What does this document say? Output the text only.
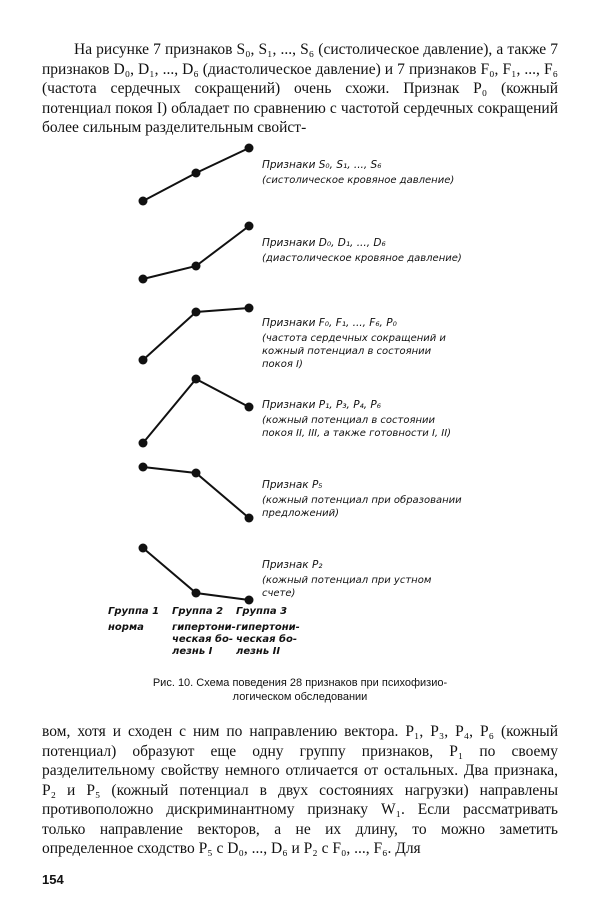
На рисунке 7 признаков S₀, S₁, ..., S₆ (систолическое давление), а также 7 признаков D₀, D₁, ..., D₆ (диастолическое давление) и 7 признаков F₀, F₁, ..., F₆ (частота сердечных сокращений) очень схожи. Признак P₀ (кожный потенциал покоя I) обладает по сравнению с частотой сердечных сокращений более сильным разделительным свойст-

Признаки S₀, S₁, ..., S₆
(систолическое кровяное давление)
Признаки D₀, D₁, ..., D₆
(диастолическое кровяное давление)
Признаки F₀, F₁, ..., F₆, P₀
(частота сердечных сокращений и
кожный потенциал в состоянии
покоя I)
Признаки P₁, P₃, P₄, P₆
(кожный потенциал в состоянии
покоя II, III, а также готовности I, II)
Признак P₅
(кожный потенциал при образовании
предложений)
Признак P₂
(кожный потенциал при устном
счете)
Группа 1
норма
Группа 2
гипертони-
ческая бо-
лезнь I
Группа 3
гипертони-
ческая бо-
лезнь II

Рис. 10. Схема поведения 28 признаков при психофизио-
логическом обследовании

вом, хотя и сходен с ним по направлению вектора. P₁, P₃, P₄, P₆ (кожный потенциал) образуют еще одну группу признаков, P₁ по своему разделительному свойству немного отличается от остальных. Два признака, P₂ и P₅ (кожный потенциал в двух состояниях нагрузки) направлены противоположно дискриминантному признаку W₁. Если рассматривать только направление векторов, а не их длину, то можно заметить определенное сходство P₅ с D₀, ..., D₆ и P₂ с F₀, ..., F₆. Для

154
